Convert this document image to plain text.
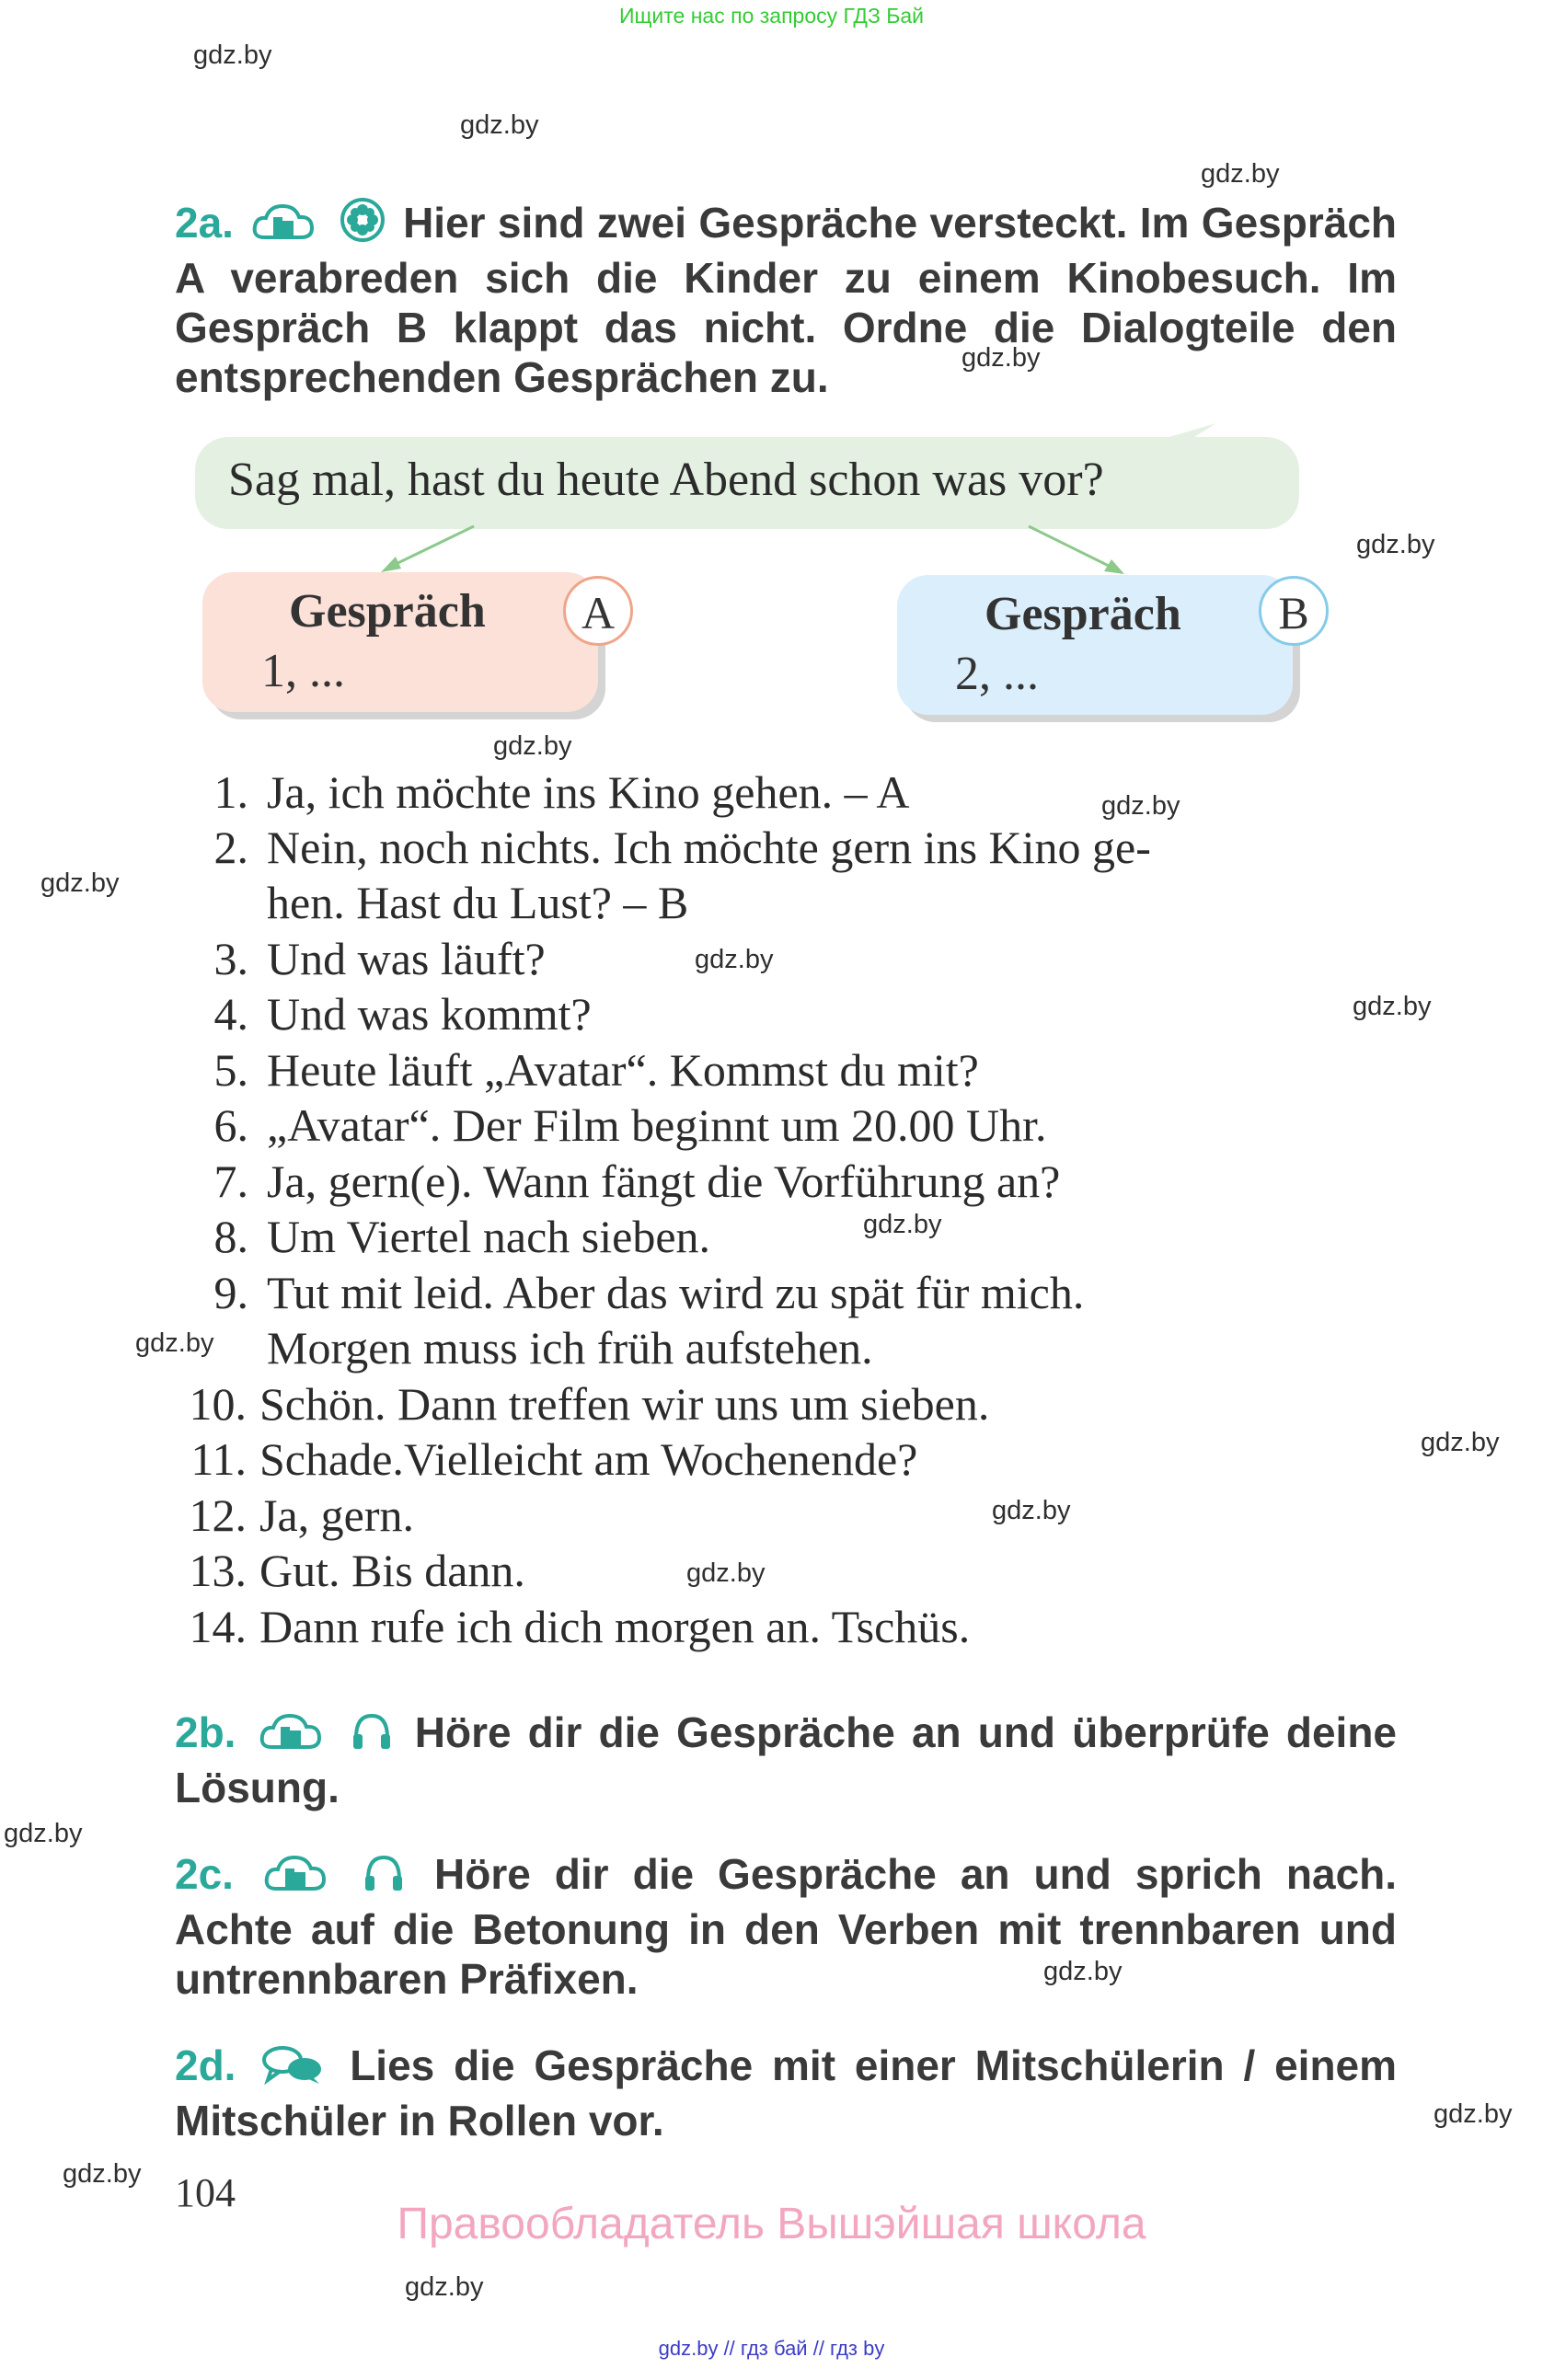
Ищите нас по запросу ГДЗ Бай
gdz.by
gdz.by
gdz.by
gdz.by
gdz.by
gdz.by
gdz.by
gdz.by
gdz.by
gdz.by
gdz.by
gdz.by
gdz.by
gdz.by
gdz.by
gdz.by
gdz.by
gdz.by
gdz.by
gdz.by
2a.	Hier sind zwei Gespräche versteckt. Im Gespräch A verabreden sich die Kinder zu einem Kinobesuch. Im Gespräch B klappt das nicht. Ordne die Dialogteile den entsprechenden Gesprächen zu.
Sag mal, hast du heute Abend schon was vor?
Gespräch
1, ...
A	Gespräch
2, ...
B
1. Ja, ich möchte ins Kino gehen. – A
2. Nein, noch nichts. Ich möchte gern ins Kino ge-
hen. Hast du Lust? – B
3. Und was läuft?
4. Und was kommt?
5. Heute läuft „Avatar“. Kommst du mit?
6. „Avatar“. Der Film beginnt um 20.00 Uhr.
7. Ja, gern(e). Wann fängt die Vorführung an?
8. Um Viertel nach sieben.
9. Tut mit leid. Aber das wird zu spät für mich.
Morgen muss ich früh aufstehen.
10. Schön. Dann treffen wir uns um sieben.
11. Schade.Vielleicht am Wochenende?
12. Ja, gern.
13. Gut. Bis dann.
14. Dann rufe ich dich morgen an. Tschüs.
2b.	Höre dir die Gespräche an und überprüfe deine Lösung.
2c.	Höre dir die Gespräche an und sprich nach. Achte auf die Betonung in den Verben mit trennbaren und untrennbaren Präfixen.
2d.	Lies die Gespräche mit einer Mitschülerin / einem Mitschüler in Rollen vor.
104
Правообладатель Вышэйшая школа
gdz.by // гдз бай // гдз by
